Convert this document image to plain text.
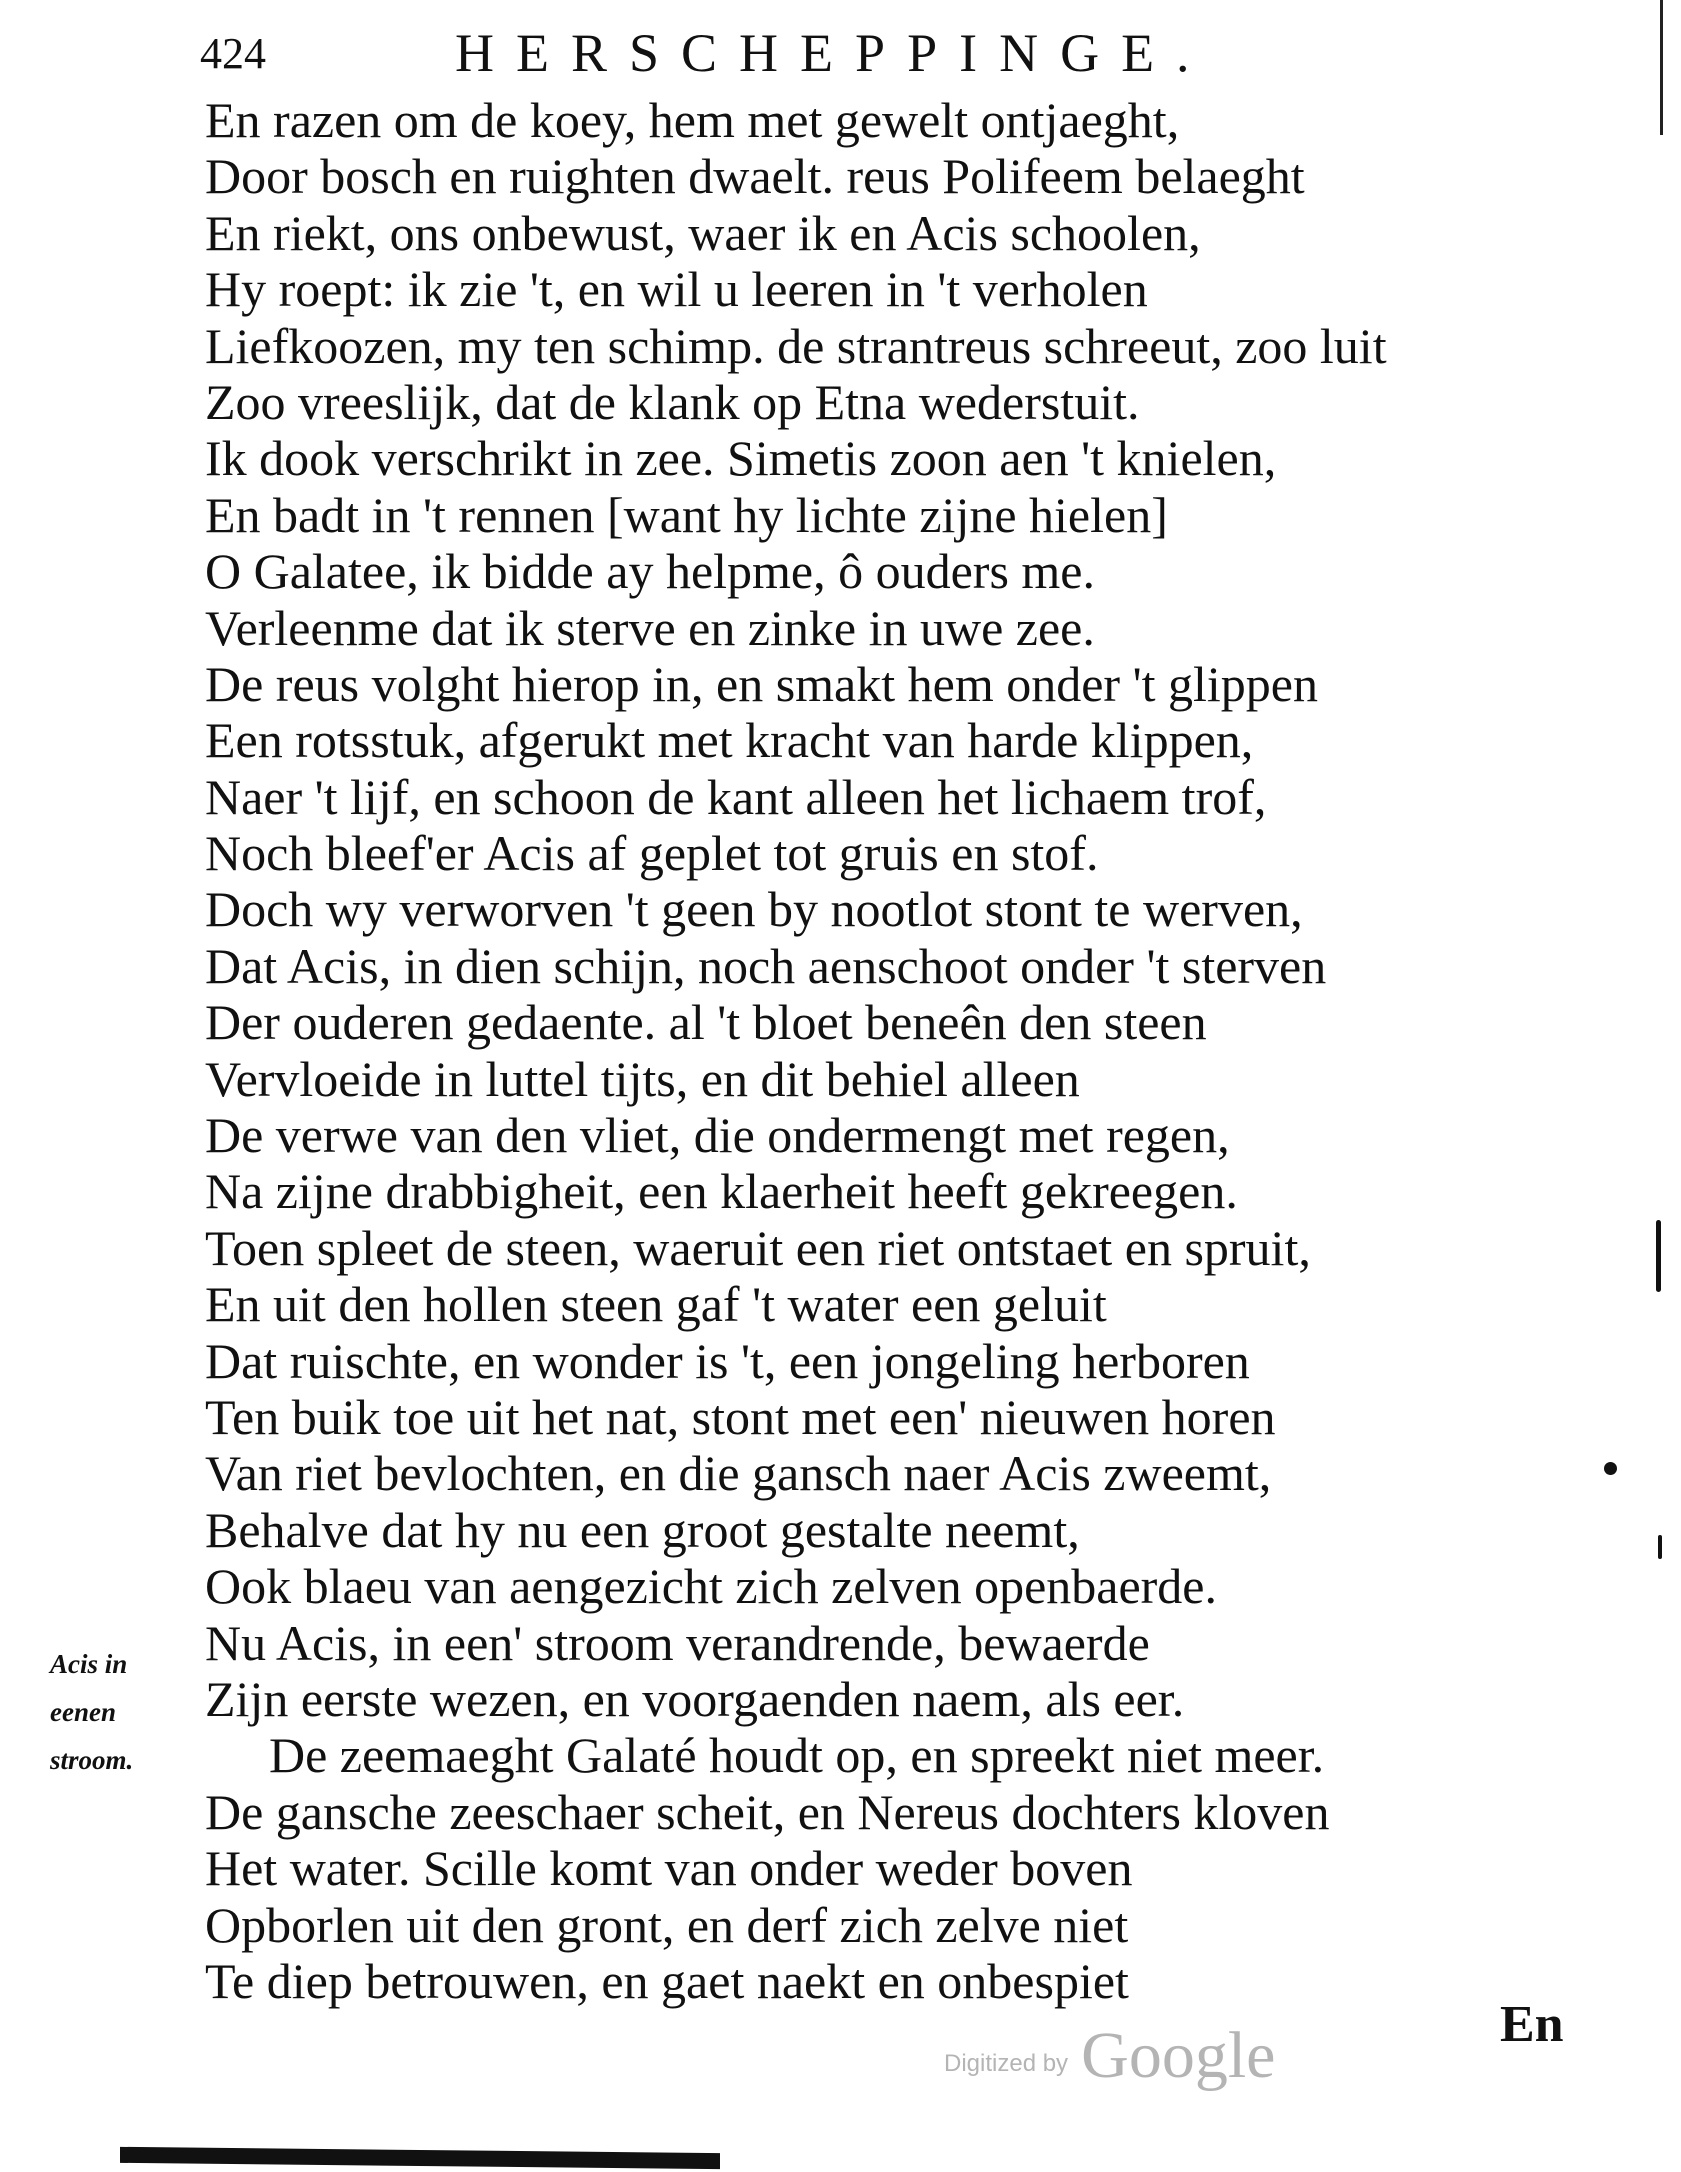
424	HERSCHEPPINGE.
En razen om de koey, hem met gewelt ontjaeght,
Door bosch en ruighten dwaelt. reus Polifeem belaeght
En riekt, ons onbewust, waer ik en Acis schoolen,
Hy roept: ik zie 't, en wil u leeren in 't verholen
Liefkoozen, my ten schimp. de strantreus schreeut, zoo luit
Zoo vreeslijk, dat de klank op Etna wederstuit.
Ik dook verschrikt in zee. Simetis zoon aen 't knielen,
En badt in 't rennen [want hy lichte zijne hielen]
O Galatee, ik bidde ay helpme, ô ouders me.
Verleenme dat ik sterve en zinke in uwe zee.
De reus volght hierop in, en smakt hem onder 't glippen
Een rotsstuk, afgerukt met kracht van harde klippen,
Naer 't lijf, en schoon de kant alleen het lichaem trof,
Noch bleef'er Acis af geplet tot gruis en stof.
Doch wy verworven 't geen by nootlot stont te werven,
Dat Acis, in dien schijn, noch aenschoot onder 't sterven
Der ouderen gedaente. al 't bloet beneên den steen
Vervloeide in luttel tijts, en dit behiel alleen
De verwe van den vliet, die ondermengt met regen,
Na zijne drabbigheit, een klaerheit heeft gekreegen.
Toen spleet de steen, waeruit een riet ontstaet en spruit,
En uit den hollen steen gaf 't water een geluit
Dat ruischte, en wonder is 't, een jongeling herboren
Ten buik toe uit het nat, stont met een' nieuwen horen
Van riet bevlochten, en die gansch naer Acis zweemt,
Behalve dat hy nu een groot gestalte neemt,
Ook blaeu van aengezicht zich zelven openbaerde.
Nu Acis, in een' stroom verandrende, bewaerde
Zijn eerste wezen, en voorgaenden naem, als eer.
De zeemaeght Galaté houdt op, en spreekt niet meer.
De gansche zeeschaer scheit, en Nereus dochters kloven
Het water. Scille komt van onder weder boven
Opborlen uit den gront, en derf zich zelve niet
Te diep betrouwen, en gaet naekt en onbespiet
Acis in
eenen
stroom.
En
Digitized by Google
